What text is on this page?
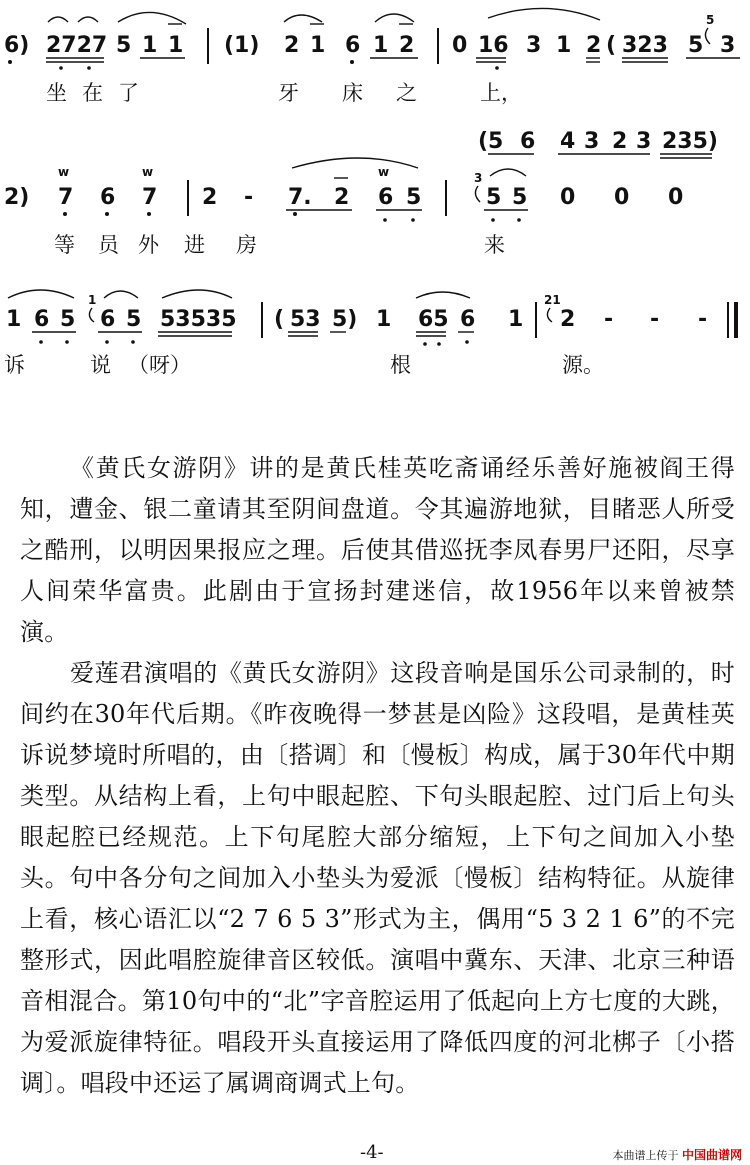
6) 2727 5 1 1 (1) 2 1 6 1 2 0 16 3 1 2 ( 323 5
5
3
坐 在 了	牙 床 之	上，
(5 6 4 3 2 3 235)
2) 7
w
6 7
w
2 - 7. 2 6 5
w	3
5 5 0 0 0
等 员 外 进 房	来
1 6 5
1
6 5 53535 ( 53 5) 1 65 6 1
21
2 - - -
诉	说 （呀）	根	源。

《黄氏女游阴》讲的是黄氏桂英吃斋诵经乐善好施被阎王得知，遭金、银二童请其至阴间盘道。令其遍游地狱，目睹恶人所受之酷刑，以明因果报应之理。后使其借巡抚李凤春男尸还阳，尽享人间荣华富贵。此剧由于宣扬封建迷信，故1956年以来曾被禁演。

爱莲君演唱的《黄氏女游阴》这段音响是国乐公司录制的，时间约在30年代后期。《昨夜晚得一梦甚是凶险》这段唱，是黄桂英诉说梦境时所唱的，由〔搭调〕和〔慢板〕构成，属于30年代中期类型。从结构上看，上句中眼起腔、下句头眼起腔、过门后上句头眼起腔已经规范。上下句尾腔大部分缩短，上下句之间加入小垫头。句中各分句之间加入小垫头为爱派〔慢板〕结构特征。从旋律上看，核心语汇以“2 7 6 5 3”形式为主，偶用“5 3 2 1 6”的不完整形式，因此唱腔旋律音区较低。演唱中冀东、天津、北京三种语音相混合。第10句中的“北”字音腔运用了低起向上方七度的大跳，为爱派旋律特征。唱段开头直接运用了降低四度的河北梆子〔小搭调〕。唱段中还运了属调商调式上句。

-4-	本曲谱上传于 中国曲谱网
